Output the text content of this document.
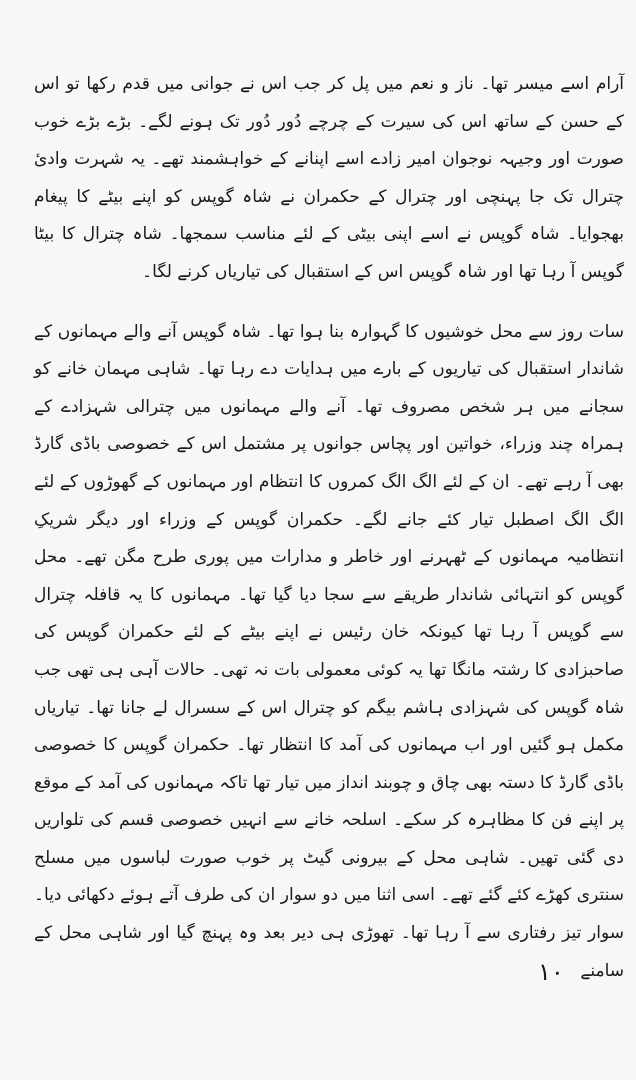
آرام اسے میسر تھا۔ ناز و نعم میں پل کر جب اس نے جوانی میں قدم رکھا تو اس کے حسن کے ساتھ اس کی سیرت کے چرچے دُور دُور تک ہونے لگے۔ بڑے بڑے خوب صورت اور وجیہہ نوجوان امیر زادے اسے اپنانے کے خواہشمند تھے۔ یہ شہرت وادیٔ چترال تک جا پہنچی اور چترال کے حکمران نے شاہ گوپس کو اپنے بیٹے کا پیغام بھجوایا۔ شاہ گوپس نے اسے اپنی بیٹی کے لئے مناسب سمجھا۔ شاہ چترال کا بیٹا گوپس آ رہا تھا اور شاہ گوپس اس کے استقبال کی تیاریاں کرنے لگا۔

سات روز سے محل خوشیوں کا گہوارہ بنا ہوا تھا۔ شاہ گوپس آنے والے مہمانوں کے شاندار استقبال کی تیاریوں کے بارے میں ہدایات دے رہا تھا۔ شاہی مہمان خانے کو سجانے میں ہر شخص مصروف تھا۔ آنے والے مہمانوں میں چترالی شہزادے کے ہمراہ چند وزراء، خواتین اور پچاس جوانوں پر مشتمل اس کے خصوصی باڈی گارڈ بھی آ رہے تھے۔ ان کے لئے الگ الگ کمروں کا انتظام اور مہمانوں کے گھوڑوں کے لئے الگ الگ اصطبل تیار کئے جانے لگے۔ حکمران گوپس کے وزراء اور دیگر شریکِ انتظامیہ مہمانوں کے ٹھہرنے اور خاطر و مدارات میں پوری طرح مگن تھے۔ محل گوپس کو انتہائی شاندار طریقے سے سجا دیا گیا تھا۔ مہمانوں کا یہ قافلہ چترال سے گوپس آ رہا تھا کیونکہ خان رئیس نے اپنے بیٹے کے لئے حکمران گوپس کی صاحبزادی کا رشتہ مانگا تھا یہ کوئی معمولی بات نہ تھی۔ حالات آہی ہی تھی جب شاہ گوپس کی شہزادی ہاشم بیگم کو چترال اس کے سسرال لے جانا تھا۔ تیاریاں مکمل ہو گئیں اور اب مہمانوں کی آمد کا انتظار تھا۔ حکمران گوپس کا خصوصی باڈی گارڈ کا دستہ بھی چاق و چوبند انداز میں تیار تھا تاکہ مہمانوں کی آمد کے موقع پر اپنے فن کا مظاہرہ کر سکے۔ اسلحہ خانے سے انہیں خصوصی قسم کی تلواریں دی گئی تھیں۔ شاہی محل کے بیرونی گیٹ پر خوب صورت لباسوں میں مسلح سنتری کھڑے کئے گئے تھے۔ اسی اثنا میں دو سوار ان کی طرف آتے ہوئے دکھائی دیا۔ سوار تیز رفتاری سے آ رہا تھا۔ تھوڑی ہی دیر بعد وہ پہنچ گیا اور شاہی محل کے سامنے

۱۰
